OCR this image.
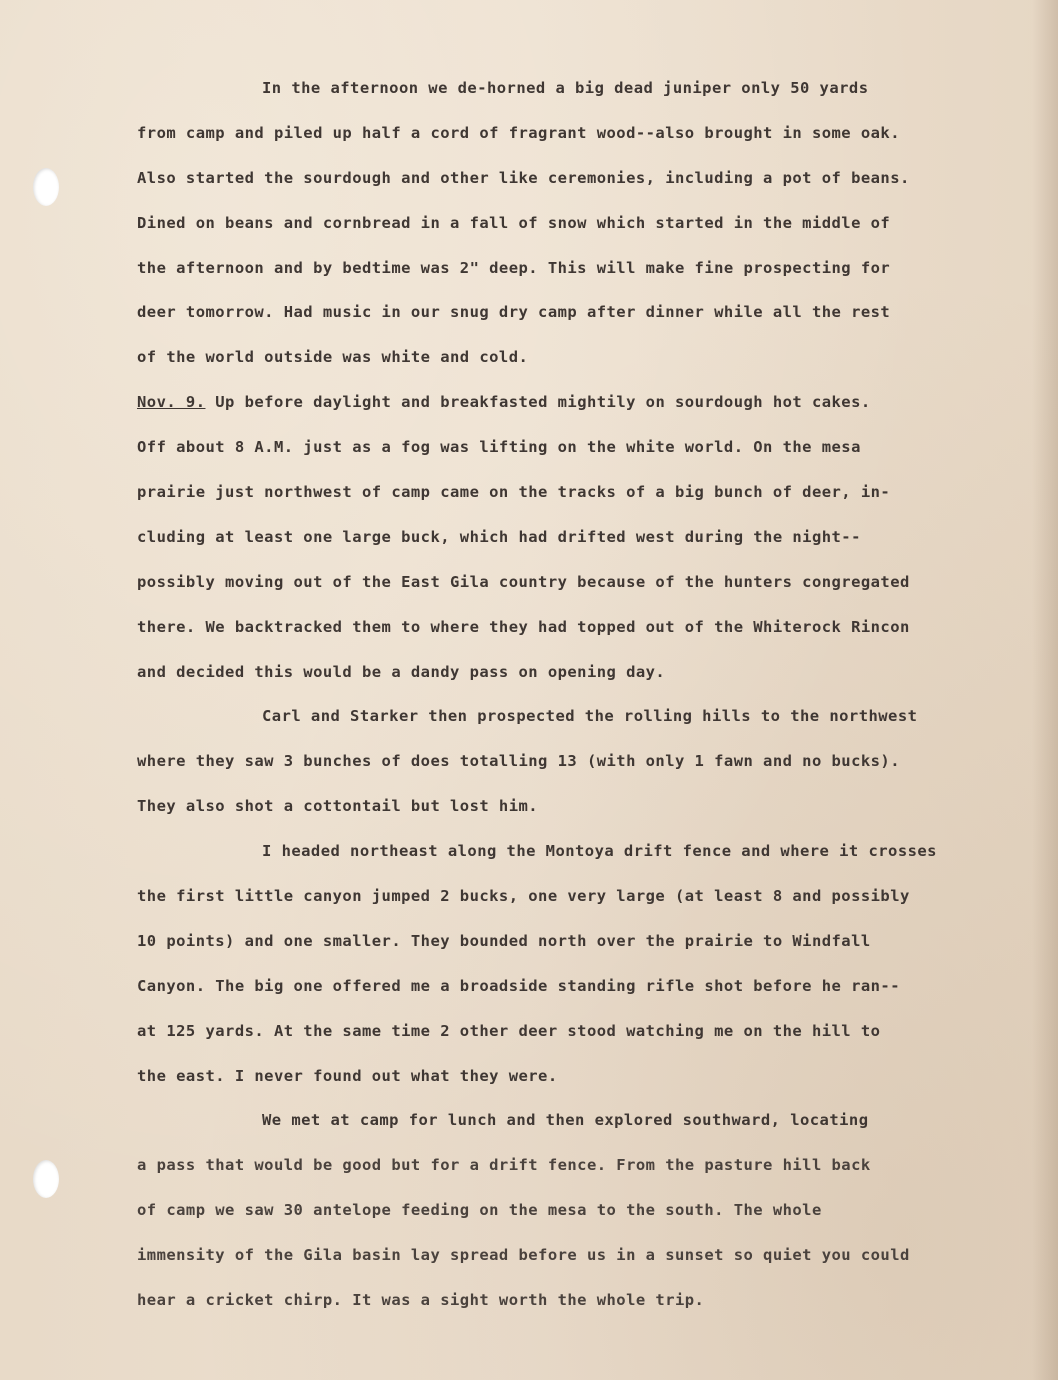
In the afternoon we de-horned a big dead juniper only 50 yards
from camp and piled up half a cord of fragrant wood--also brought in some oak.
Also started the sourdough and other like ceremonies, including a pot of beans.
Dined on beans and cornbread in a fall of snow which started in the middle of
the afternoon and by bedtime was 2" deep. This will make fine prospecting for
deer tomorrow. Had music in our snug dry camp after dinner while all the rest
of the world outside was white and cold.
Nov. 9. Up before daylight and breakfasted mightily on sourdough hot cakes.
Off about 8 A.M. just as a fog was lifting on the white world. On the mesa
prairie just northwest of camp came on the tracks of a big bunch of deer, in-
cluding at least one large buck, which had drifted west during the night--
possibly moving out of the East Gila country because of the hunters congregated
there. We backtracked them to where they had topped out of the Whiterock Rincon
and decided this would be a dandy pass on opening day.
Carl and Starker then prospected the rolling hills to the northwest
where they saw 3 bunches of does totalling 13 (with only 1 fawn and no bucks).
They also shot a cottontail but lost him.
I headed northeast along the Montoya drift fence and where it crosses
the first little canyon jumped 2 bucks, one very large (at least 8 and possibly
10 points) and one smaller. They bounded north over the prairie to Windfall
Canyon. The big one offered me a broadside standing rifle shot before he ran--
at 125 yards. At the same time 2 other deer stood watching me on the hill to
the east. I never found out what they were.
We met at camp for lunch and then explored southward, locating
a pass that would be good but for a drift fence. From the pasture hill back
of camp we saw 30 antelope feeding on the mesa to the south. The whole
immensity of the Gila basin lay spread before us in a sunset so quiet you could
hear a cricket chirp. It was a sight worth the whole trip.
